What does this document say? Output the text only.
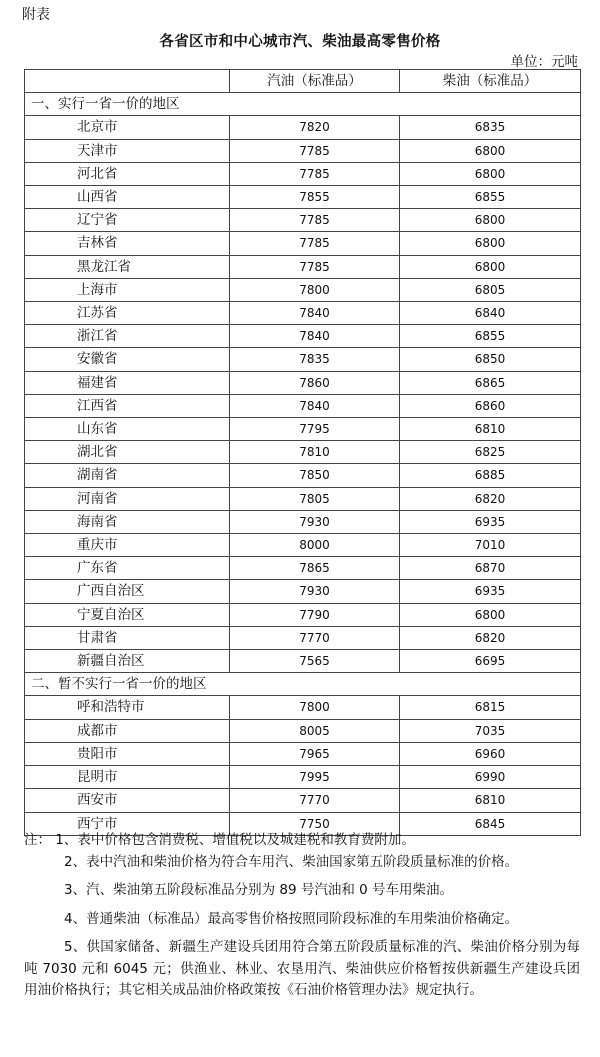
附表
各省区市和中心城市汽、柴油最高零售价格
单位：元吨
	汽油（标准品）	柴油（标准品）
一、实行一省一价的地区		
北京市	7820	6835
天津市	7785	6800
河北省	7785	6800
山西省	7855	6855
辽宁省	7785	6800
吉林省	7785	6800
黑龙江省	7785	6800
上海市	7800	6805
江苏省	7840	6840
浙江省	7840	6855
安徽省	7835	6850
福建省	7860	6865
江西省	7840	6860
山东省	7795	6810
湖北省	7810	6825
湖南省	7850	6885
河南省	7805	6820
海南省	7930	6935
重庆市	8000	7010
广东省	7865	6870
广西自治区	7930	6935
宁夏自治区	7790	6800
甘肃省	7770	6820
新疆自治区	7565	6695
二、暂不实行一省一价的地区		
呼和浩特市	7800	6815
成都市	8005	7035
贵阳市	7965	6960
昆明市	7995	6990
西安市	7770	6810
西宁市	7750	6845

注： 1、表中价格包含消费税、增值税以及城建税和教育费附加。

2、表中汽油和柴油价格为符合车用汽、柴油国家第五阶段质量标准的价格。

3、汽、柴油第五阶段标准品分别为 89 号汽油和 0 号车用柴油。

4、普通柴油（标准品）最高零售价格按照同阶段标准的车用柴油价格确定。

5、供国家储备、新疆生产建设兵团用符合第五阶段质量标准的汽、柴油价格分别为每吨 7030 元和 6045 元；供渔业、林业、农垦用汽、柴油供应价格暂按供新疆生产建设兵团用油价格执行；其它相关成品油价格政策按《石油价格管理办法》规定执行。
